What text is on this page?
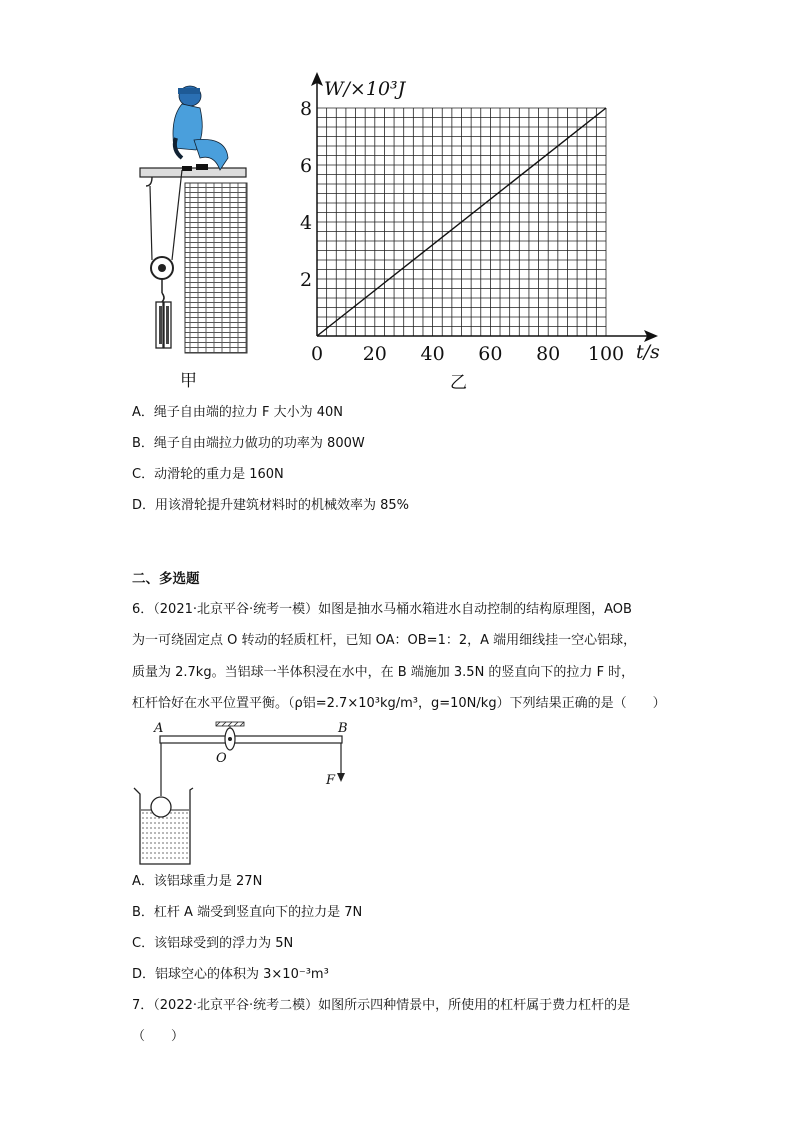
甲
0 20 40 60 80 100
2
4
6
8
W/×10³J
t/s
乙
A．绳子自由端的拉力 F 大小为 40N
B．绳子自由端拉力做功的功率为 800W
C．动滑轮的重力是 160N
D．用该滑轮提升建筑材料时的机械效率为 85%
二、多选题
6．（2021·北京平谷·统考一模）如图是抽水马桶水箱进水自动控制的结构原理图，AOB
为一可绕固定点 O 转动的轻质杠杆，已知 OA：OB=1：2，A 端用细线挂一空心铝球，
质量为 2.7kg。当铝球一半体积浸在水中，在 B 端施加 3.5N 的竖直向下的拉力 F 时，
杠杆恰好在水平位置平衡。（ρ铝=2.7×10³kg/m³，g=10N/kg）下列结果正确的是（　　）
A	B
O
F
A．该铝球重力是 27N
B．杠杆 A 端受到竖直向下的拉力是 7N
C．该铝球受到的浮力为 5N
D．铝球空心的体积为 3×10⁻³m³
7．（2022·北京平谷·统考二模）如图所示四种情景中，所使用的杠杆属于费力杠杆的是
（　　）
